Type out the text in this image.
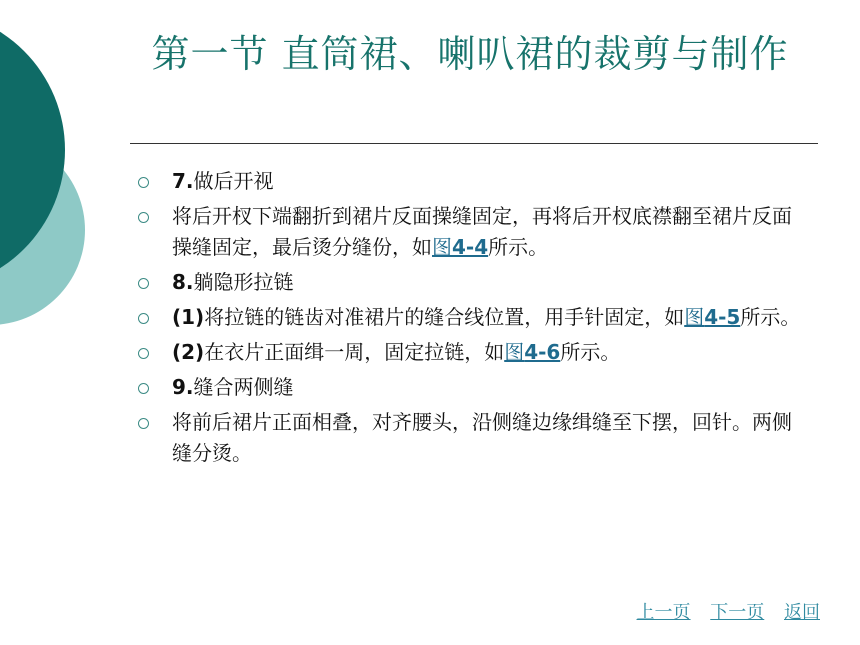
第一节 直筒裙、喇叭裙的裁剪与制作
7.做后开视
将后开杈下端翻折到裙片反面操缝固定，再将后开杈底襟翻至裙片反面操缝固定，最后烫分缝份，如图4-4所示。
8.躺隐形拉链
(1)将拉链的链齿对准裙片的缝合线位置，用手针固定，如图4-5所示。
(2)在衣片正面缉一周，固定拉链，如图4-6所示。
9.缝合两侧缝
将前后裙片正面相叠，对齐腰头，沿侧缝边缘缉缝至下摆，回针。两侧缝分烫。
上一页 下一页 返回
